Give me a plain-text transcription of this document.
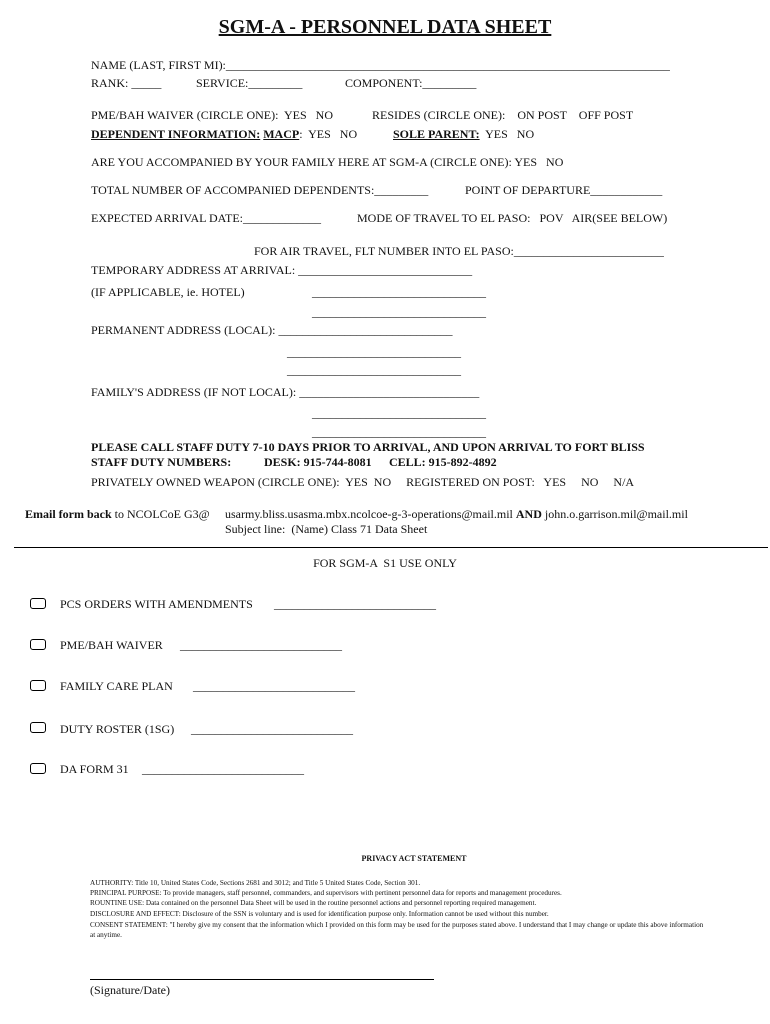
SGM-A - PERSONNEL DATA SHEET
NAME (LAST, FIRST MI):__________________________________________________________________________
RANK: _____	SERVICE:_________	COMPONENT:_________
PME/BAH WAIVER (CIRCLE ONE):  YES   NO	RESIDES (CIRCLE ONE):    ON POST    OFF POST
DEPENDENT INFORMATION: MACP:  YES   NO	SOLE PARENT:  YES   NO
ARE YOU ACCOMPANIED BY YOUR FAMILY HERE AT SGM-A (CIRCLE ONE): YES   NO
TOTAL NUMBER OF ACCOMPANIED DEPENDENTS:_________	POINT OF DEPARTURE____________
EXPECTED ARRIVAL DATE:_____________	MODE OF TRAVEL TO EL PASO:   POV   AIR(SEE BELOW)
FOR AIR TRAVEL, FLT NUMBER INTO EL PASO:_________________________
TEMPORARY ADDRESS AT ARRIVAL: _____________________________
(IF APPLICABLE, ie. HOTEL)	_____________________________
_____________________________
PERMANENT ADDRESS (LOCAL): _____________________________
_____________________________
_____________________________
FAMILY'S ADDRESS (IF NOT LOCAL): ______________________________
_____________________________
_____________________________
PLEASE CALL STAFF DUTY 7-10 DAYS PRIOR TO ARRIVAL, AND UPON ARRIVAL TO FORT BLISS
STAFF DUTY NUMBERS:	DESK: 915-744-8081 CELL: 915-892-4892
PRIVATELY OWNED WEAPON (CIRCLE ONE):  YES  NO     REGISTERED ON POST:   YES     NO     N/A
Email form back to NCOLCoE G3@ usarmy.bliss.usasma.mbx.ncolcoe-g-3-operations@mail.mil AND john.o.garrison.mil@mail.mil
Subject line:  (Name) Class 71 Data Sheet
FOR SGM-A  S1 USE ONLY
PCS ORDERS WITH AMENDMENTS ___________________________
PME/BAH WAIVER ___________________________
FAMILY CARE PLAN ___________________________
DUTY ROSTER (1SG) ___________________________
DA FORM 31 ___________________________
PRIVACY ACT STATEMENT
AUTHORITY: Title 10, United States Code, Sections 2681 and 3012; and Title 5 United States Code, Section 301.
PRINCIPAL PURPOSE: To provide managers, staff personnel, commanders, and supervisors with pertinent personnel data for reports and management procedures.
ROUNTINE USE: Data contained on the personnel Data Sheet will be used in the routine personnel actions and personnel reporting required management.
DISCLOSURE AND EFFECT: Disclosure of the SSN is voluntary and is used for identification purpose only. Information cannot be used without this number.
CONSENT STATEMENT: "I hereby give my consent that the information which I provided on this form may be used for the purposes stated above. I understand that I may change or update this above information at anytime.
(Signature/Date)
